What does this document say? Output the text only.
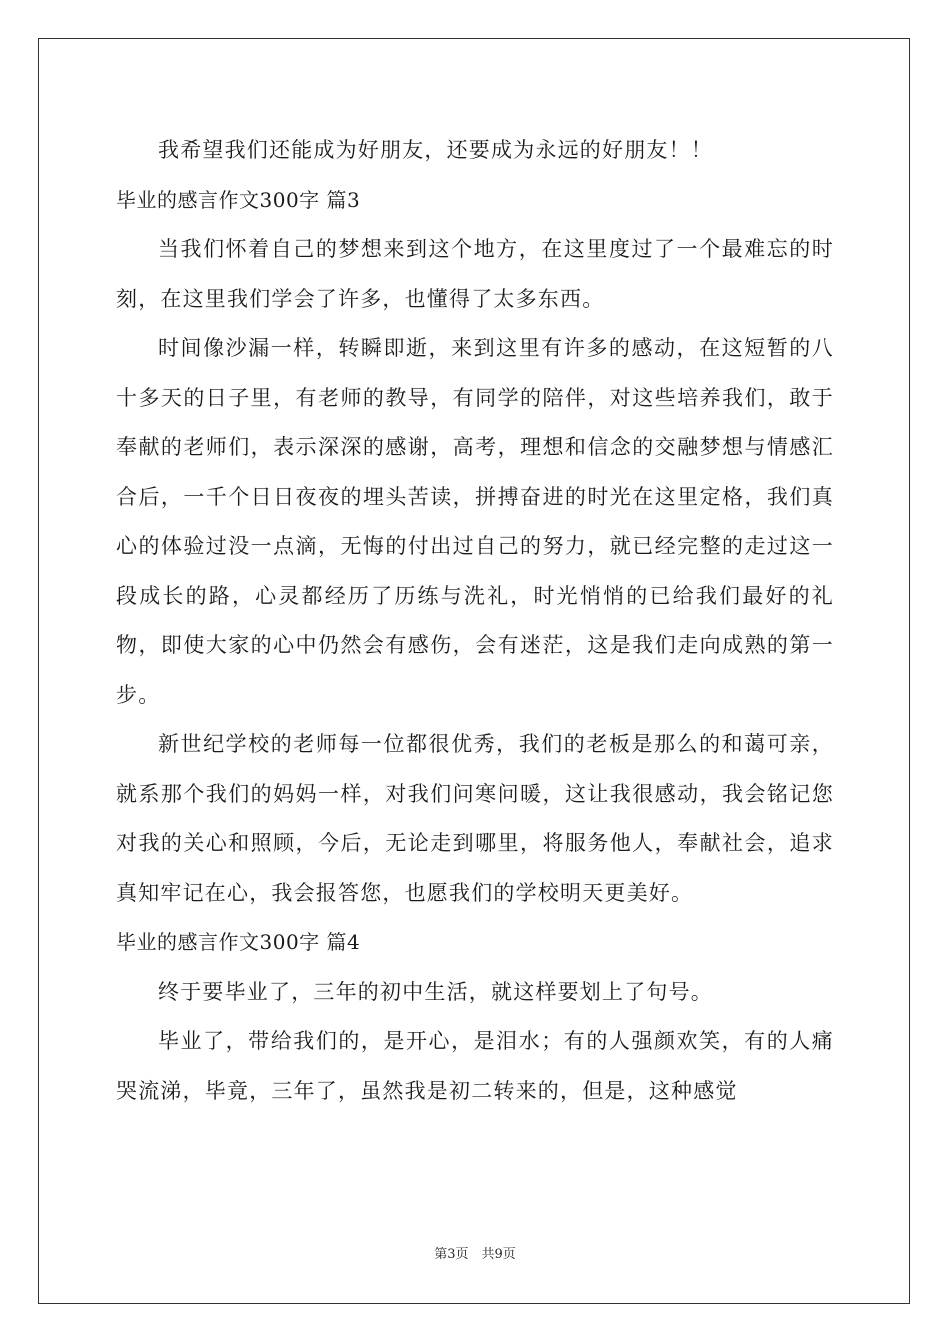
我希望我们还能成为好朋友，还要成为永远的好朋友！！

毕业的感言作文300字 篇3

当我们怀着自己的梦想来到这个地方，在这里度过了一个最难忘的时刻，在这里我们学会了许多，也懂得了太多东西。

时间像沙漏一样，转瞬即逝，来到这里有许多的感动，在这短暂的八十多天的日子里，有老师的教导，有同学的陪伴，对这些培养我们，敢于奉献的老师们，表示深深的感谢，高考，理想和信念的交融梦想与情感汇合后，一千个日日夜夜的埋头苦读，拼搏奋进的时光在这里定格，我们真心的体验过没一点滴，无悔的付出过自己的努力，就已经完整的走过这一段成长的路，心灵都经历了历练与洗礼，时光悄悄的已给我们最好的礼物，即使大家的心中仍然会有感伤，会有迷茫，这是我们走向成熟的第一步。

新世纪学校的老师每一位都很优秀，我们的老板是那么的和蔼可亲，就系那个我们的妈妈一样，对我们问寒问暖，这让我很感动，我会铭记您对我的关心和照顾，今后，无论走到哪里，将服务他人，奉献社会，追求真知牢记在心，我会报答您，也愿我们的学校明天更美好。

毕业的感言作文300字 篇4

终于要毕业了，三年的初中生活，就这样要划上了句号。

毕业了，带给我们的，是开心，是泪水；有的人强颜欢笑，有的人痛哭流涕，毕竟，三年了，虽然我是初二转来的，但是，这种感觉

第3页　共9页
